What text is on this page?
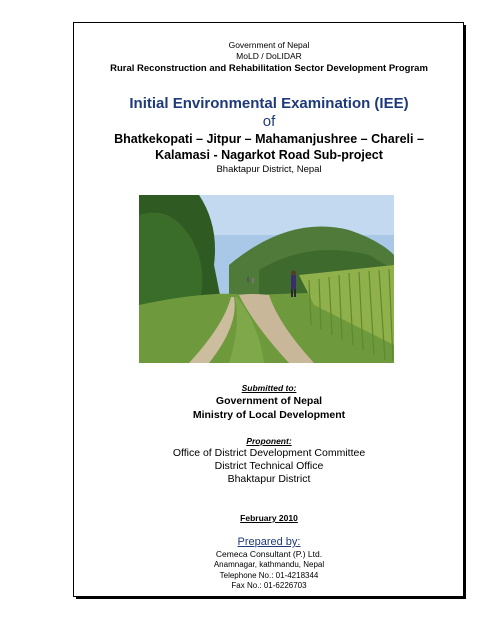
Government of Nepal
MoLD / DoLIDAR
Rural Reconstruction and Rehabilitation Sector Development Program
Initial Environmental Examination (IEE)
of
Bhatkekopati – Jitpur – Mahamanjushree – Chareli –
Kalamasi - Nagarkot Road Sub-project
Bhaktapur District, Nepal
Submitted to:
Government of Nepal
Ministry of Local Development
Proponent:
Office of District Development Committee
District Technical Office
Bhaktapur District
February 2010
Prepared by:
Cemeca Consultant (P.) Ltd.
Anamnagar, kathmandu, Nepal
Telephone No.: 01-4218344
Fax No.: 01-6226703
